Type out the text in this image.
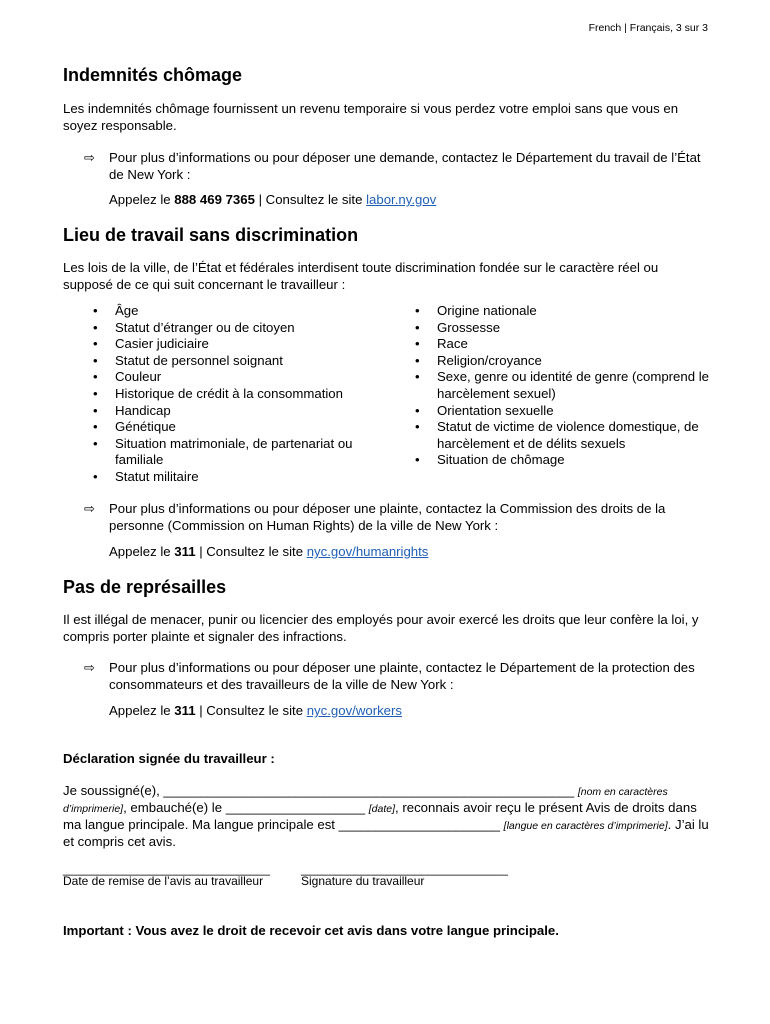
French | Français, 3 sur 3
Indemnités chômage

Les indemnités chômage fournissent un revenu temporaire si vous perdez votre emploi sans que vous en soyez responsable.

⇨ Pour plus d’informations ou pour déposer une demande, contactez le Département du travail de l’État de New York :
Appelez le 888 469 7365 | Consultez le site labor.ny.gov
Lieu de travail sans discrimination

Les lois de la ville, de l’État et fédérales interdisent toute discrimination fondée sur le caractère réel ou supposé de ce qui suit concernant le travailleur :

• Âge
• Statut d’étranger ou de citoyen
• Casier judiciaire
• Statut de personnel soignant
• Couleur
• Historique de crédit à la consommation
• Handicap
• Génétique
• Situation matrimoniale, de partenariat ou familiale
• Statut militaire
• Origine nationale
• Grossesse
• Race
• Religion/croyance
• Sexe, genre ou identité de genre (comprend le harcèlement sexuel)
• Orientation sexuelle
• Statut de victime de violence domestique, de harcèlement et de délits sexuels
• Situation de chômage
⇨ Pour plus d’informations ou pour déposer une plainte, contactez la Commission des droits de la personne (Commission on Human Rights) de la ville de New York :
Appelez le 311 | Consultez le site nyc.gov/humanrights
Pas de représailles

Il est illégal de menacer, punir ou licencier des employés pour avoir exercé les droits que leur confère la loi, y compris porter plainte et signaler des infractions.

⇨ Pour plus d’informations ou pour déposer une plainte, contactez le Département de la protection des consommateurs et des travailleurs de la ville de New York :
Appelez le 311 | Consultez le site nyc.gov/workers
Déclaration signée du travailleur :
Je soussigné(e), ________________________________________________________ [nom en caractères d’imprimerie], embauché(e) le ___________________ [date], reconnais avoir reçu le présent Avis de droits dans ma langue principale. Ma langue principale est ______________________ [langue en caractères d’imprimerie]. J’ai lu et compris cet avis.
_______________________________
Date de remise de l’avis au travailleur
_______________________________
Signature du travailleur
Important : Vous avez le droit de recevoir cet avis dans votre langue principale.
